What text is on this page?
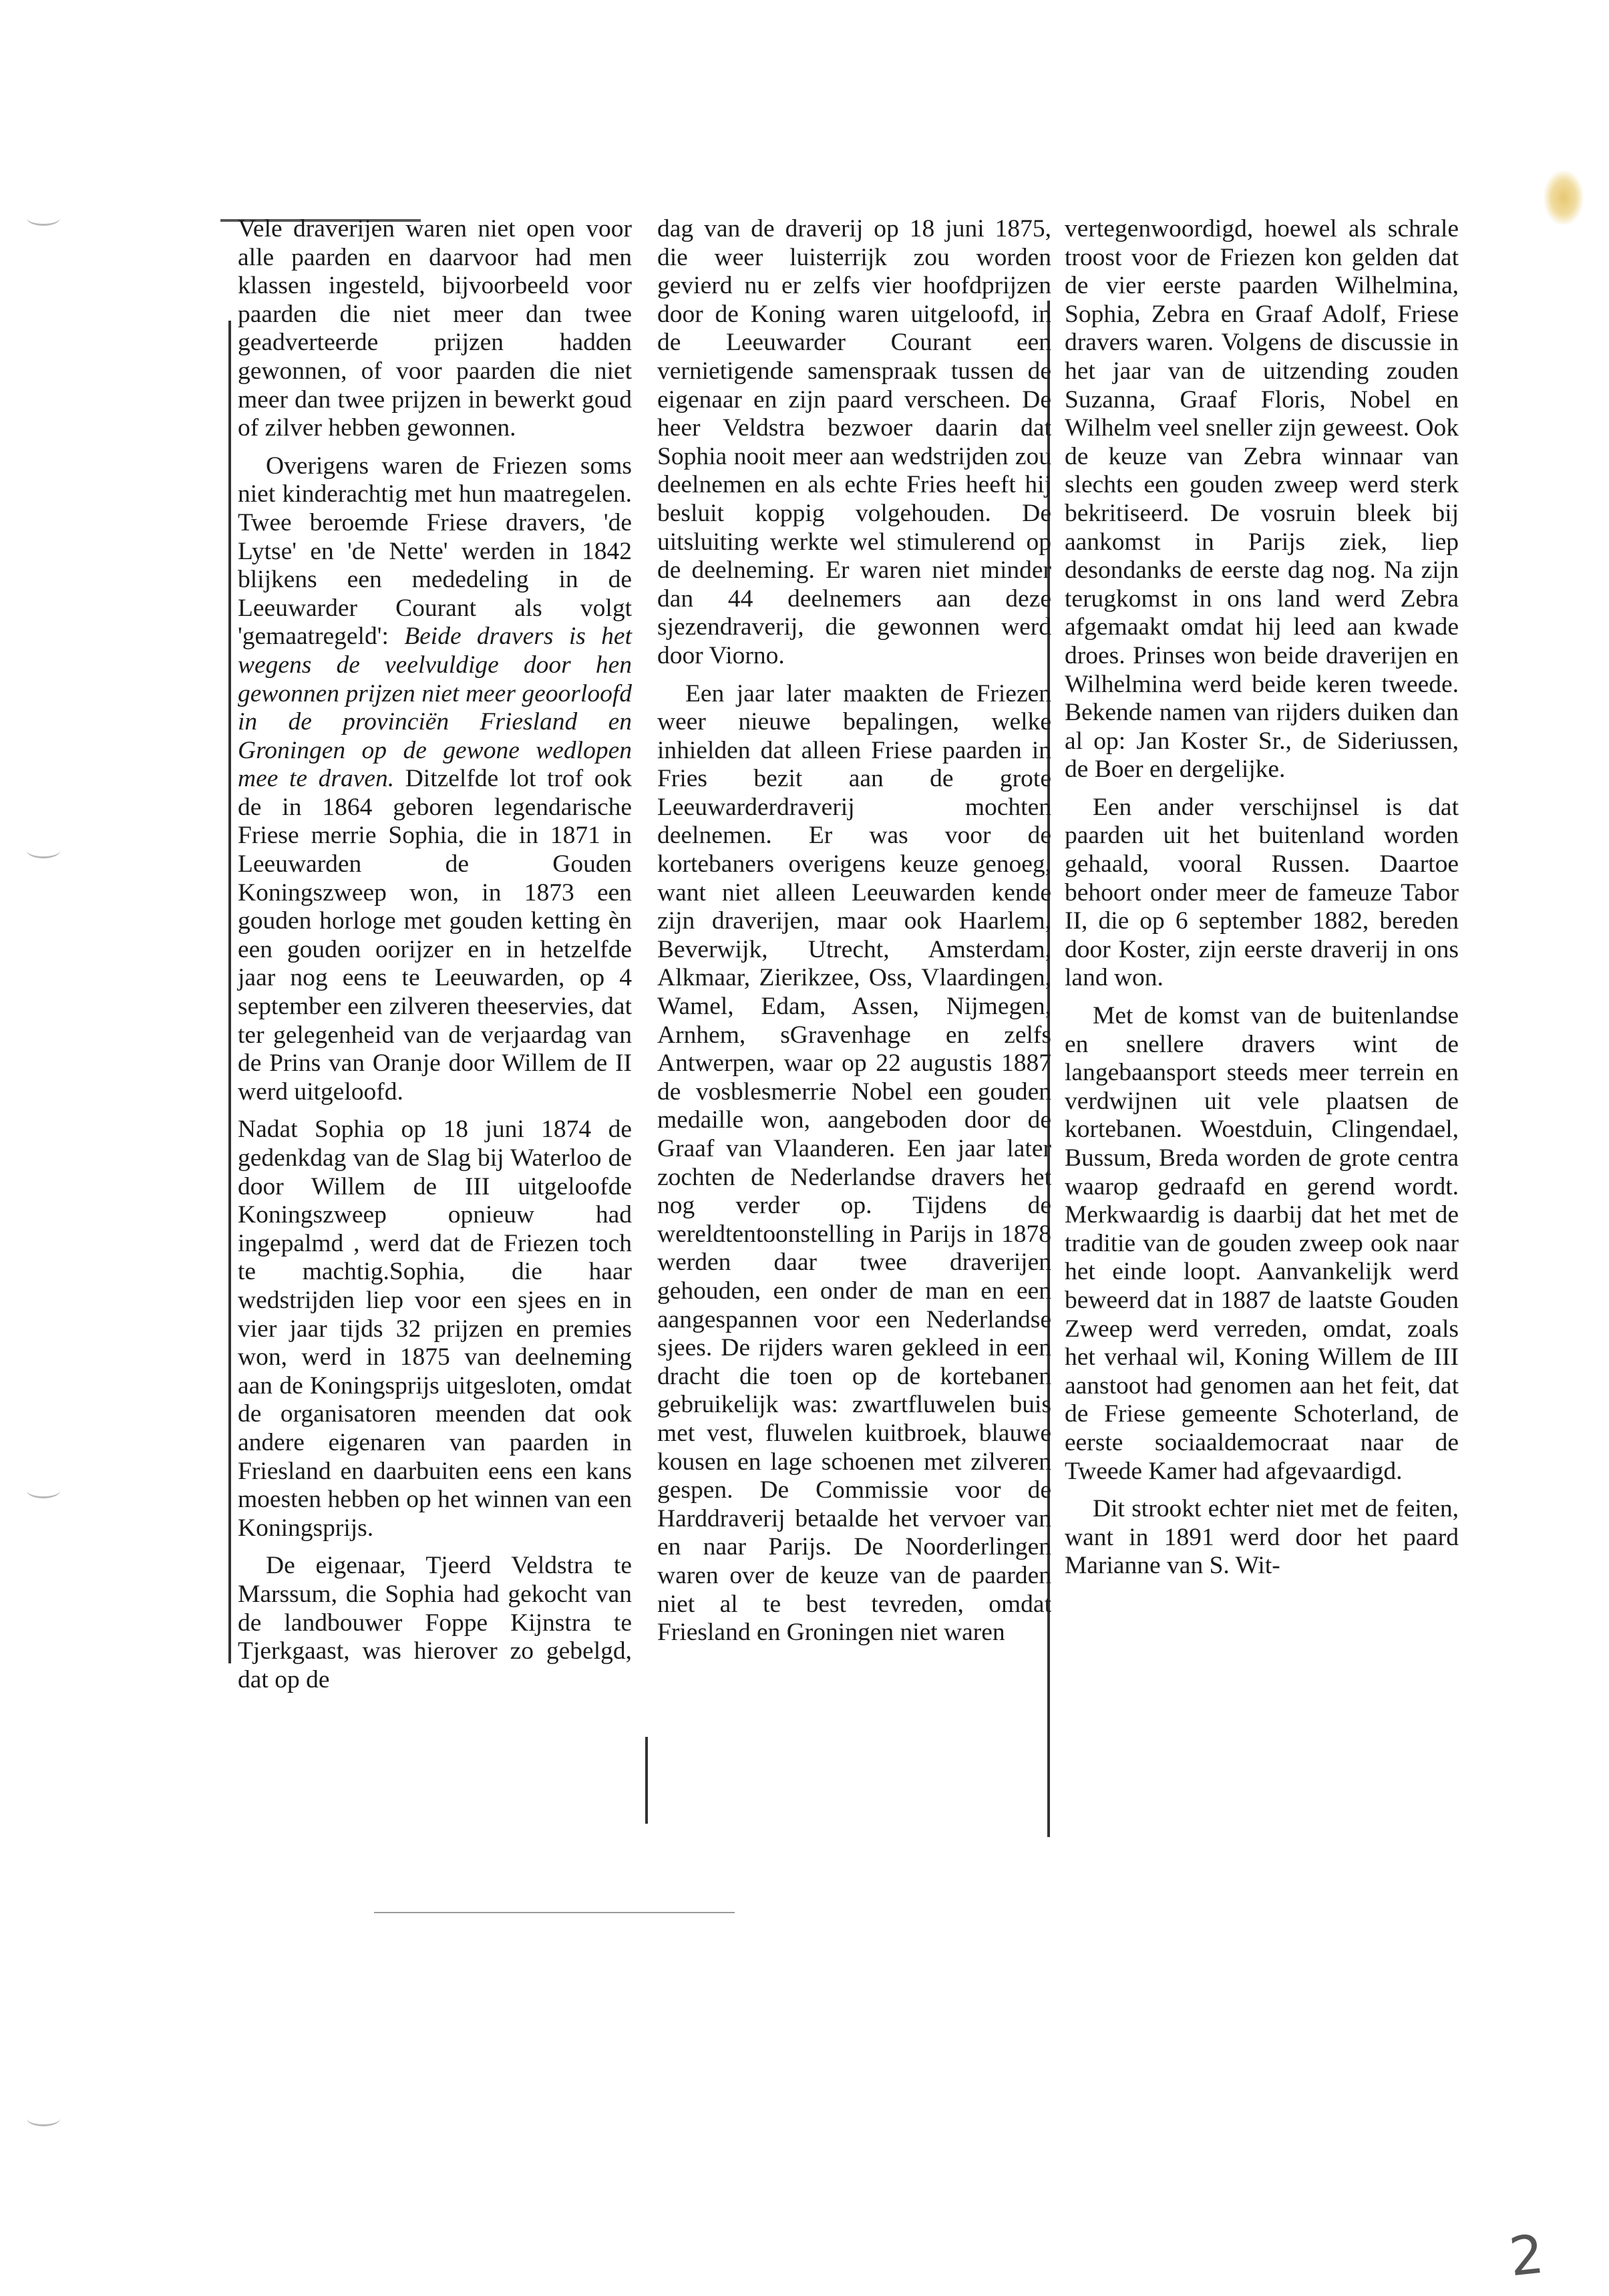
Vele draverijen waren niet open voor alle paarden en daarvoor had men klassen ingesteld, bijvoorbeeld voor paarden die niet meer dan twee geadverteerde prijzen hadden gewonnen, of voor paarden die niet meer dan twee prijzen in bewerkt goud of zilver hebben gewonnen.

Overigens waren de Friezen soms niet kinderachtig met hun maatregelen. Twee beroemde Friese dravers, 'de Lytse' en 'de Nette' werden in 1842 blijkens een mededeling in de Leeuwarder Courant als volgt 'gemaatregeld': Beide dravers is het wegens de veelvuldige door hen gewonnen prijzen niet meer geoorloofd in de provinciën Friesland en Groningen op de gewone wedlopen mee te draven. Ditzelfde lot trof ook de in 1864 geboren legendarische Friese merrie Sophia, die in 1871 in Leeuwarden de Gouden Koningszweep won, in 1873 een gouden horloge met gouden ketting èn een gouden oorijzer en in hetzelfde jaar nog eens te Leeuwarden, op 4 september een zilveren theeservies, dat ter gelegenheid van de verjaardag van de Prins van Oranje door Willem de II werd uitgeloofd.

Nadat Sophia op 18 juni 1874 de gedenkdag van de Slag bij Waterloo de door Willem de III uitgeloofde Koningszweep opnieuw had ingepalmd , werd dat de Friezen toch te machtig.Sophia, die haar wedstrijden liep voor een sjees en in vier jaar tijds 32 prijzen en premies won, werd in 1875 van deelneming aan de Koningsprijs uitgesloten, omdat de organisatoren meenden dat ook andere eigenaren van paarden in Friesland en daarbuiten eens een kans moesten hebben op het winnen van een Koningsprijs.

De eigenaar, Tjeerd Veldstra te Marssum, die Sophia had gekocht van de landbouwer Foppe Kijnstra te Tjerkgaast, was hierover zo gebelgd, dat op de

dag van de draverij op 18 juni 1875, die weer luisterrijk zou worden gevierd nu er zelfs vier hoofdprijzen door de Koning waren uitgeloofd, in de Leeuwarder Courant een vernietigende samenspraak tussen de eigenaar en zijn paard verscheen. De heer Veldstra bezwoer daarin dat Sophia nooit meer aan wedstrijden zou deelnemen en als echte Fries heeft hij besluit koppig volgehouden. De uitsluiting werkte wel stimulerend op de deelneming. Er waren niet minder dan 44 deelnemers aan deze sjezendraverij, die gewonnen werd door Viorno.

Een jaar later maakten de Friezen weer nieuwe bepalingen, welke inhielden dat alleen Friese paarden in Fries bezit aan de grote Leeuwarderdraverij mochten deelnemen. Er was voor de kortebaners overigens keuze genoeg, want niet alleen Leeuwarden kende zijn draverijen, maar ook Haarlem, Beverwijk, Utrecht, Amsterdam, Alkmaar, Zierikzee, Oss, Vlaardingen, Wamel, Edam, Assen, Nijmegen, Arnhem, sGravenhage en zelfs Antwerpen, waar op 22 augustis 1887 de vosblesmerrie Nobel een gouden medaille won, aangeboden door de Graaf van Vlaanderen. Een jaar later zochten de Nederlandse dravers het nog verder op. Tijdens de wereldtentoonstelling in Parijs in 1878 werden daar twee draverijen gehouden, een onder de man en een aangespannen voor een Nederlandse sjees. De rijders waren gekleed in een dracht die toen op de kortebanen gebruikelijk was: zwartfluwelen buis met vest, fluwelen kuitbroek, blauwe kousen en lage schoenen met zilveren gespen. De Commissie voor de Harddraverij betaalde het vervoer van en naar Parijs. De Noorderlingen waren over de keuze van de paarden niet al te best tevreden, omdat Friesland en Groningen niet waren

vertegenwoordigd, hoewel als schrale troost voor de Friezen kon gelden dat de vier eerste paarden Wilhelmina, Sophia, Zebra en Graaf Adolf, Friese dravers waren. Volgens de discussie in het jaar van de uitzending zouden Suzanna, Graaf Floris, Nobel en Wilhelm veel sneller zijn geweest. Ook de keuze van Zebra winnaar van slechts een gouden zweep werd sterk bekritiseerd. De vosruin bleek bij aankomst in Parijs ziek, liep desondanks de eerste dag nog. Na zijn terugkomst in ons land werd Zebra afgemaakt omdat hij leed aan kwade droes. Prinses won beide draverijen en Wilhelmina werd beide keren tweede. Bekende namen van rijders duiken dan al op: Jan Koster Sr., de Sideriussen, de Boer en dergelijke.

Een ander verschijnsel is dat paarden uit het buitenland worden gehaald, vooral Russen. Daartoe behoort onder meer de fameuze Tabor II, die op 6 september 1882, bereden door Koster, zijn eerste draverij in ons land won.

Met de komst van de buitenlandse en snellere dravers wint de langebaansport steeds meer terrein en verdwijnen uit vele plaatsen de kortebanen. Woestduin, Clingendael, Bussum, Breda worden de grote centra waarop gedraafd en gerend wordt. Merkwaardig is daarbij dat het met de traditie van de gouden zweep ook naar het einde loopt. Aanvankelijk werd beweerd dat in 1887 de laatste Gouden Zweep werd verreden, omdat, zoals het verhaal wil, Koning Willem de III aanstoot had genomen aan het feit, dat de Friese gemeente Schoterland, de eerste sociaaldemocraat naar de Tweede Kamer had afgevaardigd.

Dit strookt echter niet met de feiten, want in 1891 werd door het paard Marianne van S. Wit-

2
